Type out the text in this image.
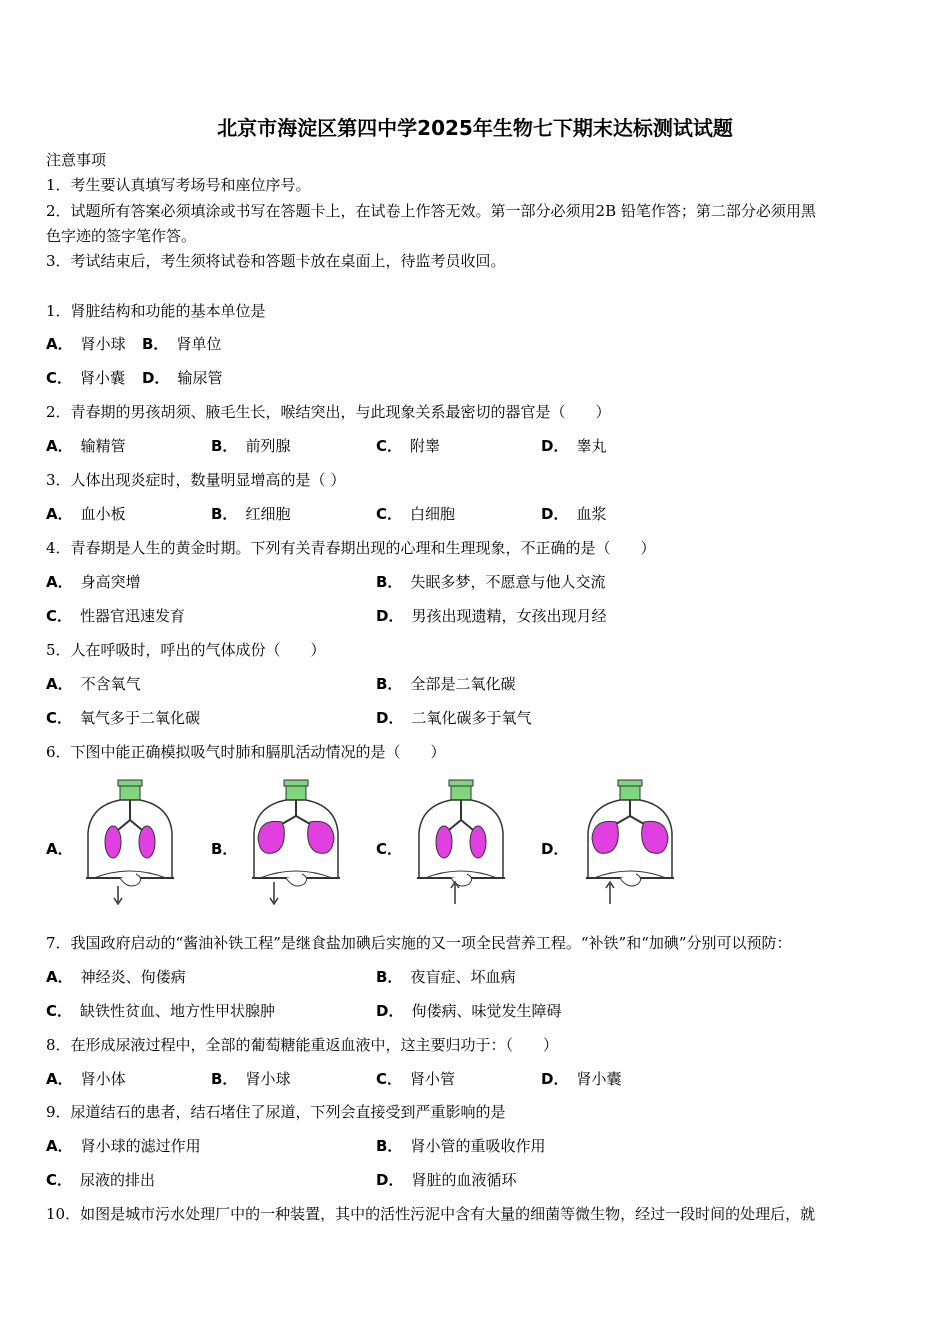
北京市海淀区第四中学2025年生物七下期末达标测试试题
注意事项
1．考生要认真填写考场号和座位序号。
2．试题所有答案必须填涂或书写在答题卡上，在试卷上作答无效。第一部分必须用2B 铅笔作答；第二部分必须用黑
色字迹的签字笔作答。
3．考试结束后，考生须将试卷和答题卡放在桌面上，待监考员收回。
1．肾脏结构和功能的基本单位是
A． 肾小球 B． 肾单位
C． 肾小囊 D． 输尿管
2．青春期的男孩胡须、腋毛生长，喉结突出，与此现象关系最密切的器官是（　　）
A． 输精管	B． 前列腺	C． 附睾	D． 睾丸
3．人体出现炎症时，数量明显增高的是（ ）
A． 血小板	B． 红细胞	C． 白细胞	D． 血浆
4．青春期是人生的黄金时期。下列有关青春期出现的心理和生理现象，不正确的是（　　）
A． 身高突增	B． 失眠多梦，不愿意与他人交流
C． 性器官迅速发育	D． 男孩出现遗精，女孩出现月经
5．人在呼吸时，呼出的气体成份（　　）
A． 不含氧气	B． 全部是二氧化碳
C． 氧气多于二氧化碳	D． 二氧化碳多于氧气
6．下图中能正确模拟吸气时肺和膈肌活动情况的是（　　）
A．	B．	C．	D．
7．我国政府启动的“酱油补铁工程”是继食盐加碘后实施的又一项全民营养工程。“补铁”和“加碘”分别可以预防：
A． 神经炎、佝偻病	B． 夜盲症、坏血病
C． 缺铁性贫血、地方性甲状腺肿	D． 佝偻病、味觉发生障碍
8．在形成尿液过程中，全部的葡萄糖能重返血液中，这主要归功于：（　　）
A． 肾小体	B． 肾小球	C． 肾小管	D． 肾小囊
9．尿道结石的患者，结石堵住了尿道，下列会直接受到严重影响的是
A． 肾小球的滤过作用	B． 肾小管的重吸收作用
C． 尿液的排出	D． 肾脏的血液循环
10．如图是城市污水处理厂中的一种装置，其中的活性污泥中含有大量的细菌等微生物，经过一段时间的处理后，就
